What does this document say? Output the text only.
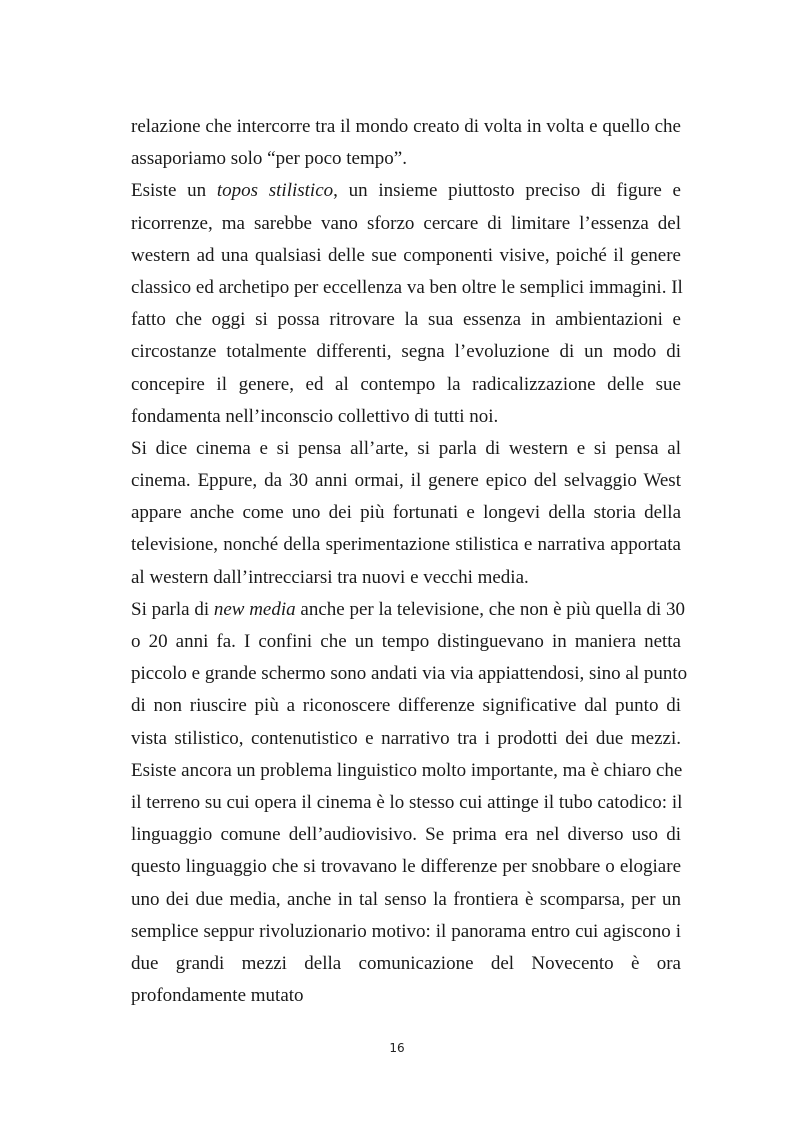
relazione che intercorre tra il mondo creato di volta in volta e quello che
assaporiamo solo “per poco tempo”.
Esiste un topos stilistico, un insieme piuttosto preciso di figure e
ricorrenze, ma sarebbe vano sforzo cercare di limitare l’essenza del
western ad una qualsiasi delle sue componenti visive, poiché il genere
classico ed archetipo per eccellenza va ben oltre le semplici immagini. Il
fatto che oggi si possa ritrovare la sua essenza in ambientazioni e
circostanze totalmente differenti, segna l’evoluzione di un modo di
concepire il genere, ed al contempo la radicalizzazione delle sue
fondamenta nell’inconscio collettivo di tutti noi.
Si dice cinema e si pensa all’arte, si parla di western e si pensa al
cinema. Eppure, da 30 anni ormai, il genere epico del selvaggio West
appare anche come uno dei più fortunati e longevi della storia della
televisione, nonché della sperimentazione stilistica e narrativa apportata
al western dall’intrecciarsi tra nuovi e vecchi media.
Si parla di new media anche per la televisione, che non è più quella di 30
o 20 anni fa. I confini che un tempo distinguevano in maniera netta
piccolo e grande schermo sono andati via via appiattendosi, sino al punto
di non riuscire più a riconoscere differenze significative dal punto di
vista stilistico, contenutistico e narrativo tra i prodotti dei due mezzi.
Esiste ancora un problema linguistico molto importante, ma è chiaro che
il terreno su cui opera il cinema è lo stesso cui attinge il tubo catodico: il
linguaggio comune dell’audiovisivo. Se prima era nel diverso uso di
questo linguaggio che si trovavano le differenze per snobbare o elogiare
uno dei due media, anche in tal senso la frontiera è scomparsa, per un
semplice seppur rivoluzionario motivo: il panorama entro cui agiscono i
due grandi mezzi della comunicazione del Novecento è ora
profondamente mutato
16
